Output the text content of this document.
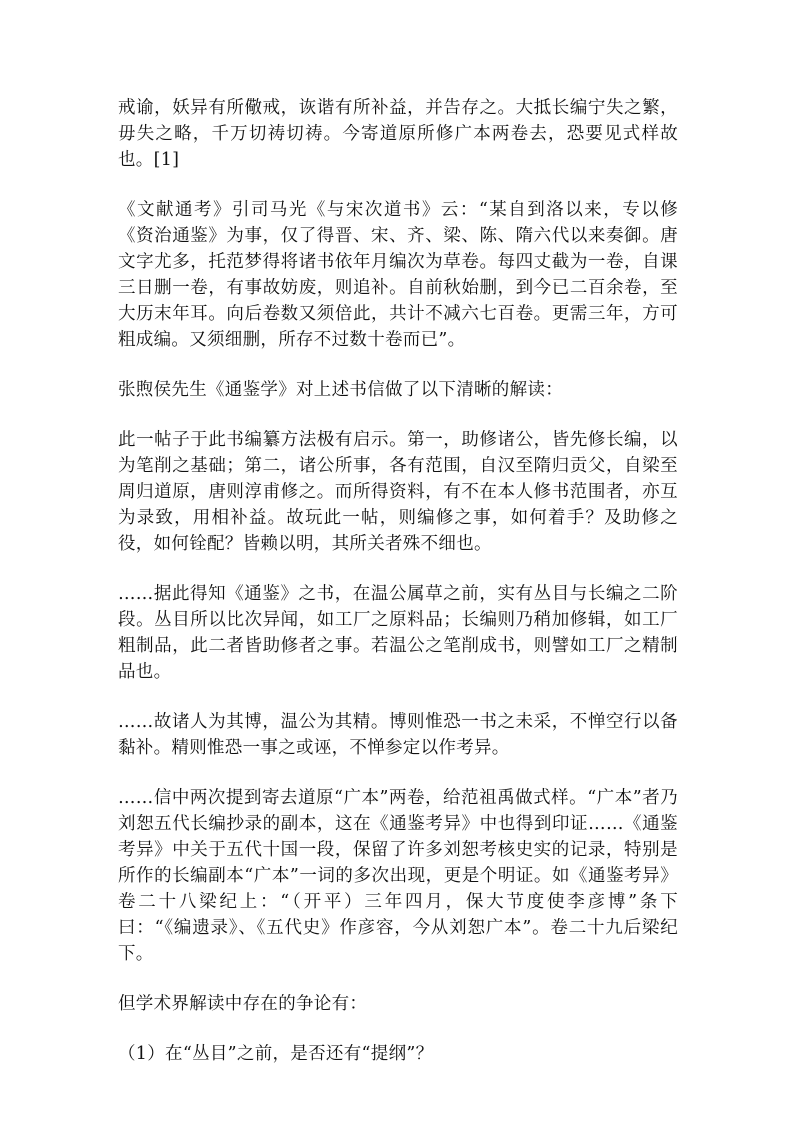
戒谕，妖异有所儆戒，诙谐有所补益，并告存之。大抵长编宁失之繁，毋失之略，千万切祷切祷。今寄道原所修广本两卷去，恐要见式样故也。[1]

《文献通考》引司马光《与宋次道书》云：“某自到洛以来，专以修《资治通鉴》为事，仅了得晋、宋、齐、梁、陈、隋六代以来奏御。唐文字尤多，托范梦得将诸书依年月编次为草卷。每四丈截为一卷，自课三日删一卷，有事故妨废，则追补。自前秋始删，到今已二百余卷，至大历末年耳。向后卷数又须倍此，共计不减六七百卷。更需三年，方可粗成编。又须细删，所存不过数十卷而已”。

张煦侯先生《通鉴学》对上述书信做了以下清晰的解读：

此一帖子于此书编纂方法极有启示。第一，助修诸公，皆先修长编，以为笔削之基础；第二，诸公所事，各有范围，自汉至隋归贡父，自梁至周归道原，唐则淳甫修之。而所得资料，有不在本人修书范围者，亦互为录致，用相补益。故玩此一帖，则编修之事，如何着手？及助修之役，如何铨配？皆赖以明，其所关者殊不细也。

……据此得知《通鉴》之书，在温公属草之前，实有丛目与长编之二阶段。丛目所以比次异闻，如工厂之原料品；长编则乃稍加修辑，如工厂粗制品，此二者皆助修者之事。若温公之笔削成书，则譬如工厂之精制品也。

……故诸人为其博，温公为其精。博则惟恐一书之未采，不惮空行以备黏补。精则惟恐一事之或诬，不惮参定以作考异。

……信中两次提到寄去道原“广本”两卷，给范祖禹做式样。“广本”者乃刘恕五代长编抄录的副本，这在《通鉴考异》中也得到印证……《通鉴考异》中关于五代十国一段，保留了许多刘恕考核史实的记录，特别是所作的长编副本“广本”一词的多次出现，更是个明证。如《通鉴考异》卷二十八梁纪上：“（开平）三年四月，保大节度使李彦博”条下曰：“《编遗录》、《五代史》作彦容，今从刘恕广本”。卷二十九后梁纪下。

但学术界解读中存在的争论有：

（1）在“丛目”之前，是否还有“提纲”？
